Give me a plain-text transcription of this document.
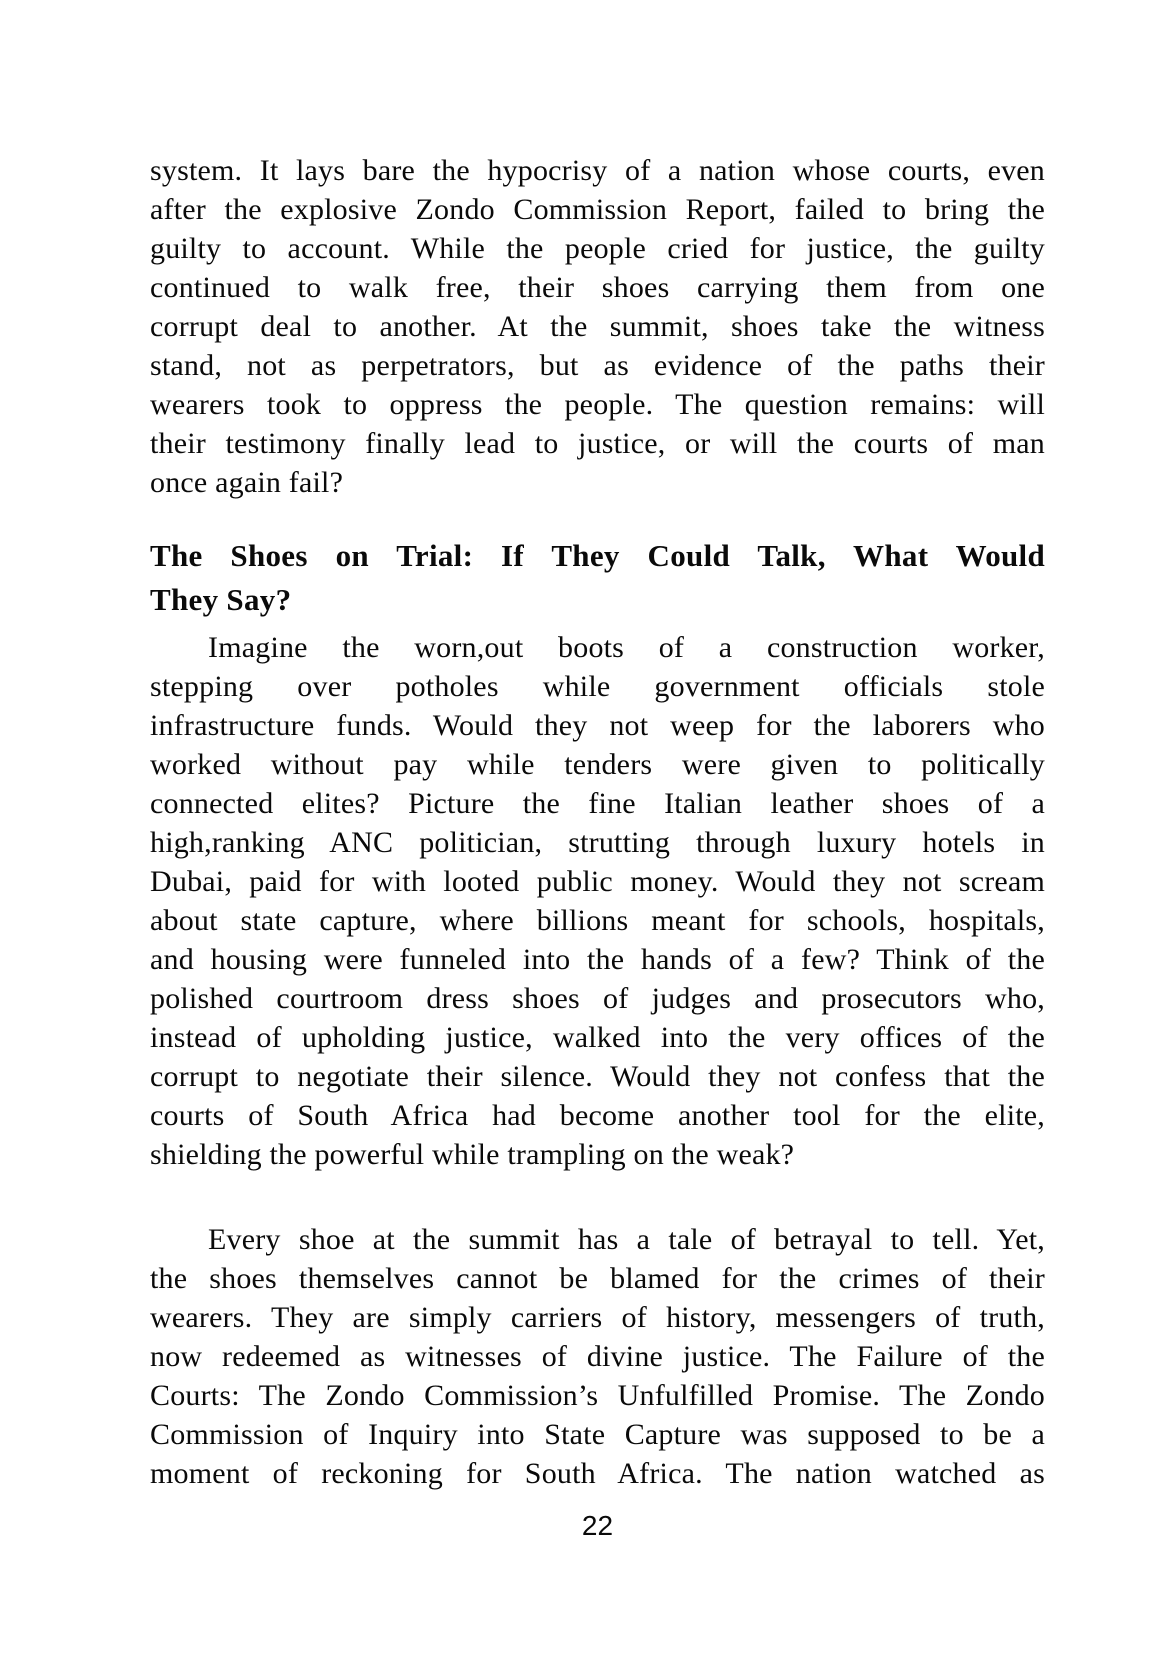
system. It lays bare the hypocrisy of a nation whose courts, even
after the explosive Zondo Commission Report, failed to bring the
guilty to account. While the people cried for justice, the guilty
continued to walk free, their shoes carrying them from one
corrupt deal to another. At the summit, shoes take the witness
stand, not as perpetrators, but as evidence of the paths their
wearers took to oppress the people. The question remains: will
their testimony finally lead to justice, or will the courts of man
once again fail?
The Shoes on Trial: If They Could Talk, What Would
They Say?
Imagine the worn,out boots of a construction worker,
stepping over potholes while government officials stole
infrastructure funds. Would they not weep for the laborers who
worked without pay while tenders were given to politically
connected elites? Picture the fine Italian leather shoes of a
high,ranking ANC politician, strutting through luxury hotels in
Dubai, paid for with looted public money. Would they not scream
about state capture, where billions meant for schools, hospitals,
and housing were funneled into the hands of a few? Think of the
polished courtroom dress shoes of judges and prosecutors who,
instead of upholding justice, walked into the very offices of the
corrupt to negotiate their silence. Would they not confess that the
courts of South Africa had become another tool for the elite,
shielding the powerful while trampling on the weak?
Every shoe at the summit has a tale of betrayal to tell. Yet,
the shoes themselves cannot be blamed for the crimes of their
wearers. They are simply carriers of history, messengers of truth,
now redeemed as witnesses of divine justice. The Failure of the
Courts: The Zondo Commission’s Unfulfilled Promise. The Zondo
Commission of Inquiry into State Capture was supposed to be a
moment of reckoning for South Africa. The nation watched as
22
